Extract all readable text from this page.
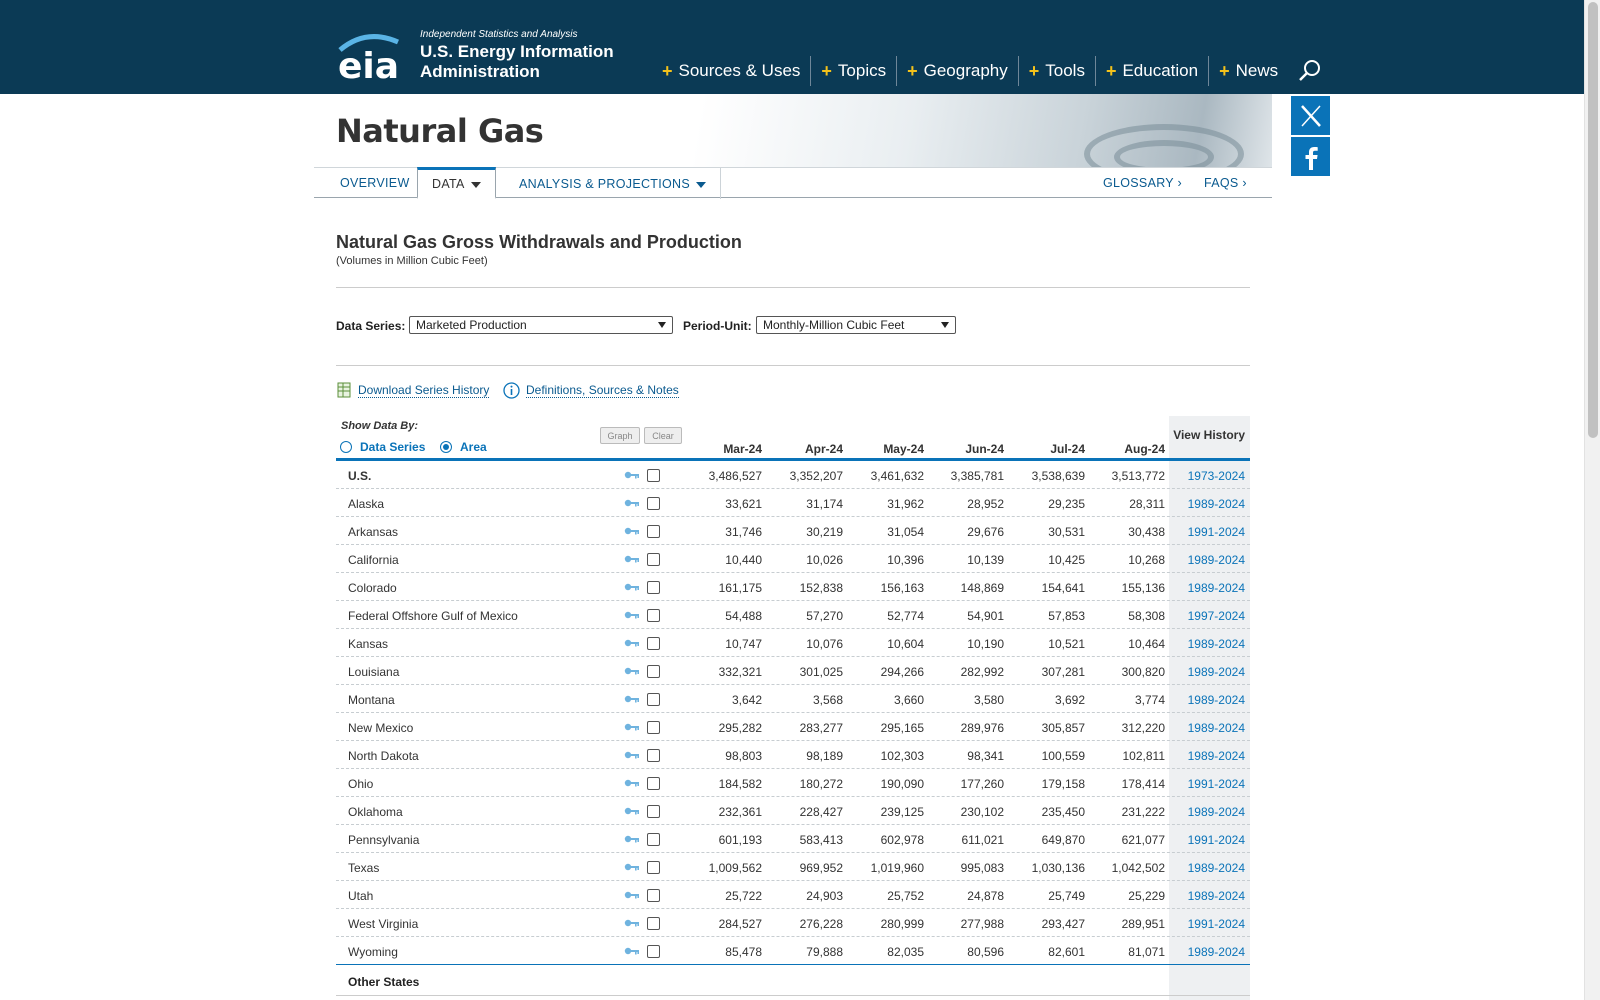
eia
Independent Statistics and Analysis
U.S. Energy Information Administration	+ Sources & Uses + Topics + Geography + Tools + Education + News
Natural Gas
OVERVIEW DATA	ANALYSIS & PROJECTIONS	GLOSSARY › FAQS ›
Natural Gas Gross Withdrawals and Production
(Volumes in Million Cubic Feet)
Data Series: Marketed Production	Period-Unit: Monthly-Million Cubic Feet
Download Series History	Definitions, Sources & Notes
Show Data By:
Data Series	Area
Graph	Clear
Mar-24	Apr-24	May-24	Jun-24	Jul-24	Aug-24
View History
U.S.	3,486,527	3,352,207	3,461,632	3,385,781	3,538,639	3,513,772	1973-2024
Alaska	33,621	31,174	31,962	28,952	29,235	28,311	1989-2024
Arkansas	31,746	30,219	31,054	29,676	30,531	30,438	1991-2024
California	10,440	10,026	10,396	10,139	10,425	10,268	1989-2024
Colorado	161,175	152,838	156,163	148,869	154,641	155,136	1989-2024
Federal Offshore Gulf of Mexico	54,488	57,270	52,774	54,901	57,853	58,308	1997-2024
Kansas	10,747	10,076	10,604	10,190	10,521	10,464	1989-2024
Louisiana	332,321	301,025	294,266	282,992	307,281	300,820	1989-2024
Montana	3,642	3,568	3,660	3,580	3,692	3,774	1989-2024
New Mexico	295,282	283,277	295,165	289,976	305,857	312,220	1989-2024
North Dakota	98,803	98,189	102,303	98,341	100,559	102,811	1989-2024
Ohio	184,582	180,272	190,090	177,260	179,158	178,414	1991-2024
Oklahoma	232,361	228,427	239,125	230,102	235,450	231,222	1989-2024
Pennsylvania	601,193	583,413	602,978	611,021	649,870	621,077	1991-2024
Texas	1,009,562	969,952	1,019,960	995,083	1,030,136	1,042,502	1989-2024
Utah	25,722	24,903	25,752	24,878	25,749	25,229	1989-2024
West Virginia	284,527	276,228	280,999	277,988	293,427	289,951	1991-2024
Wyoming	85,478	79,888	82,035	80,596	82,601	81,071	1989-2024
Other States
